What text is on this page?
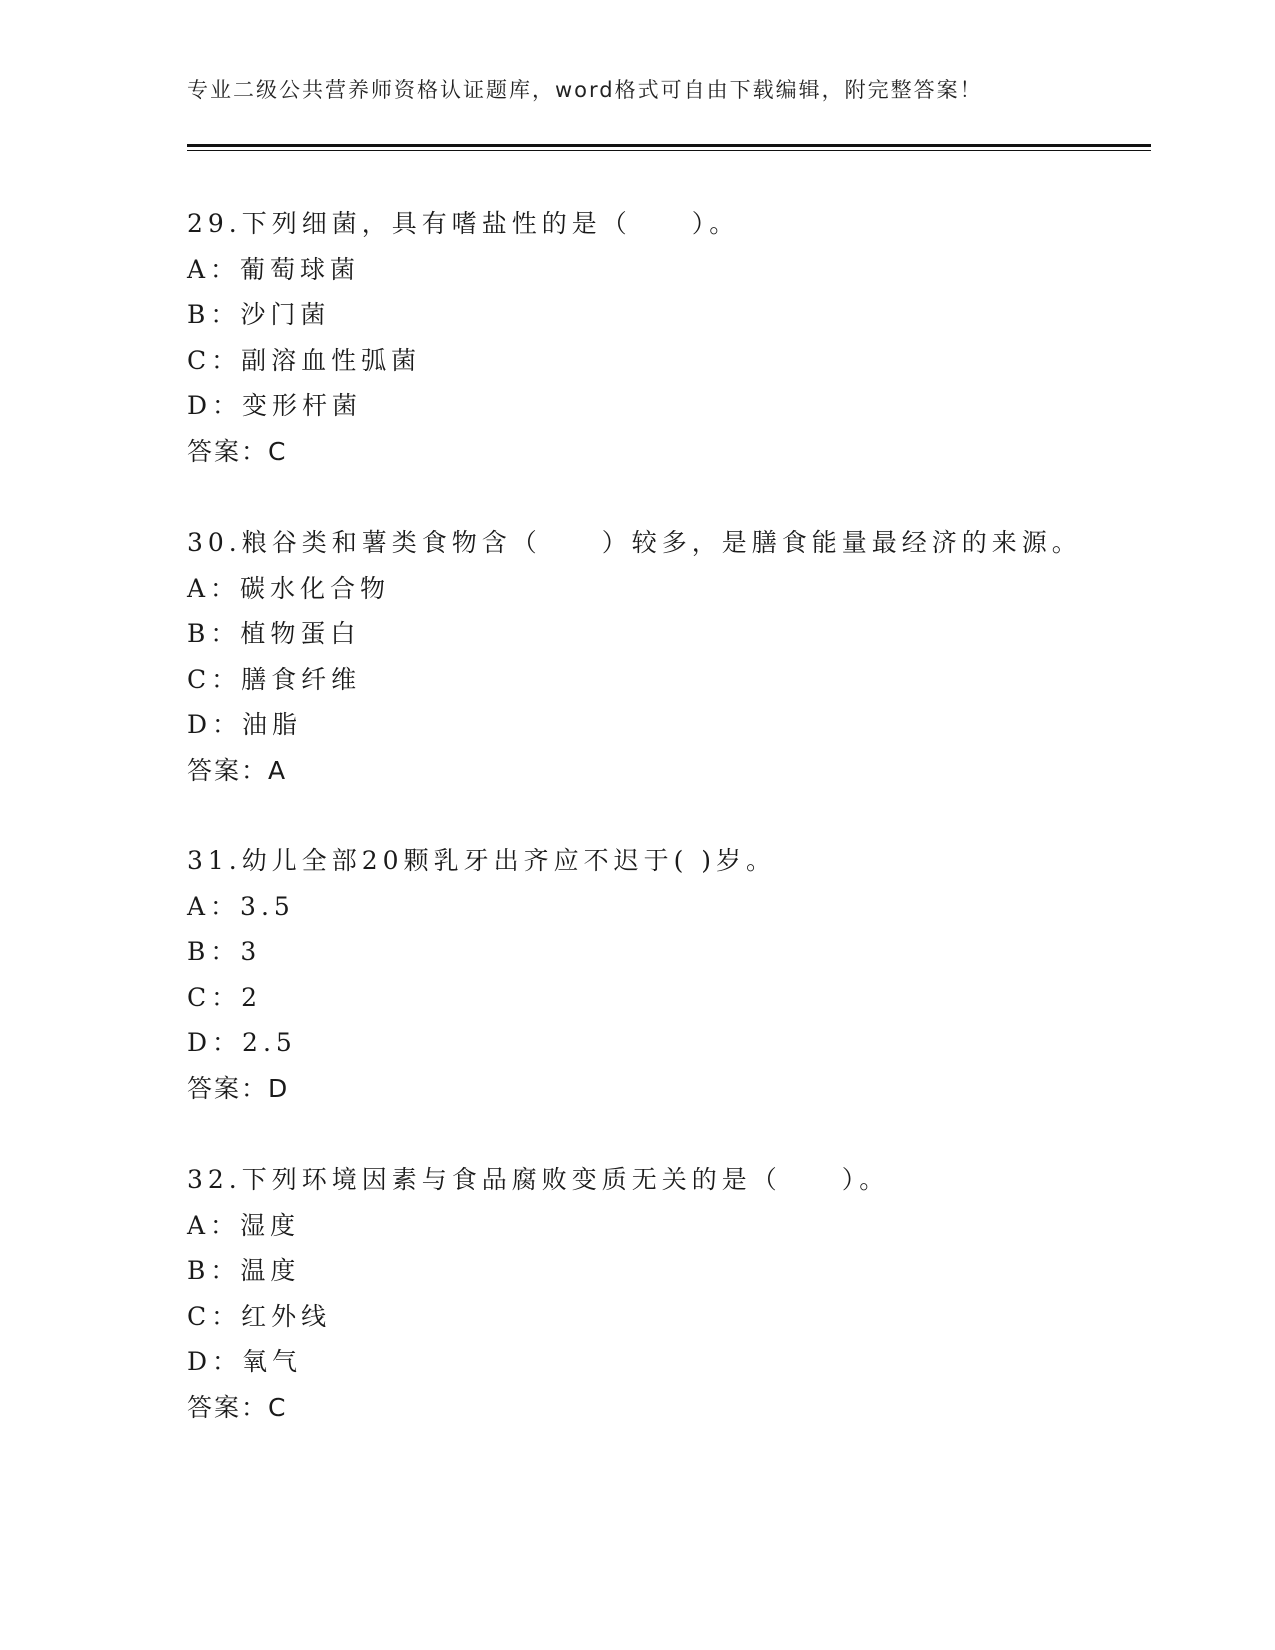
专业二级公共营养师资格认证题库，word格式可自由下载编辑，附完整答案！
29.下列细菌，具有嗜盐性的是（　　）。
A：葡萄球菌
B：沙门菌
C：副溶血性弧菌
D：变形杆菌
答案：C
30.粮谷类和薯类食物含（　　）较多，是膳食能量最经济的来源。
A：碳水化合物
B：植物蛋白
C：膳食纤维
D：油脂
答案：A
31.幼儿全部20颗乳牙出齐应不迟于( )岁。
A：3.5
B：3
C：2
D：2.5
答案：D
32.下列环境因素与食品腐败变质无关的是（　　）。
A：湿度
B：温度
C：红外线
D：氧气
答案：C
